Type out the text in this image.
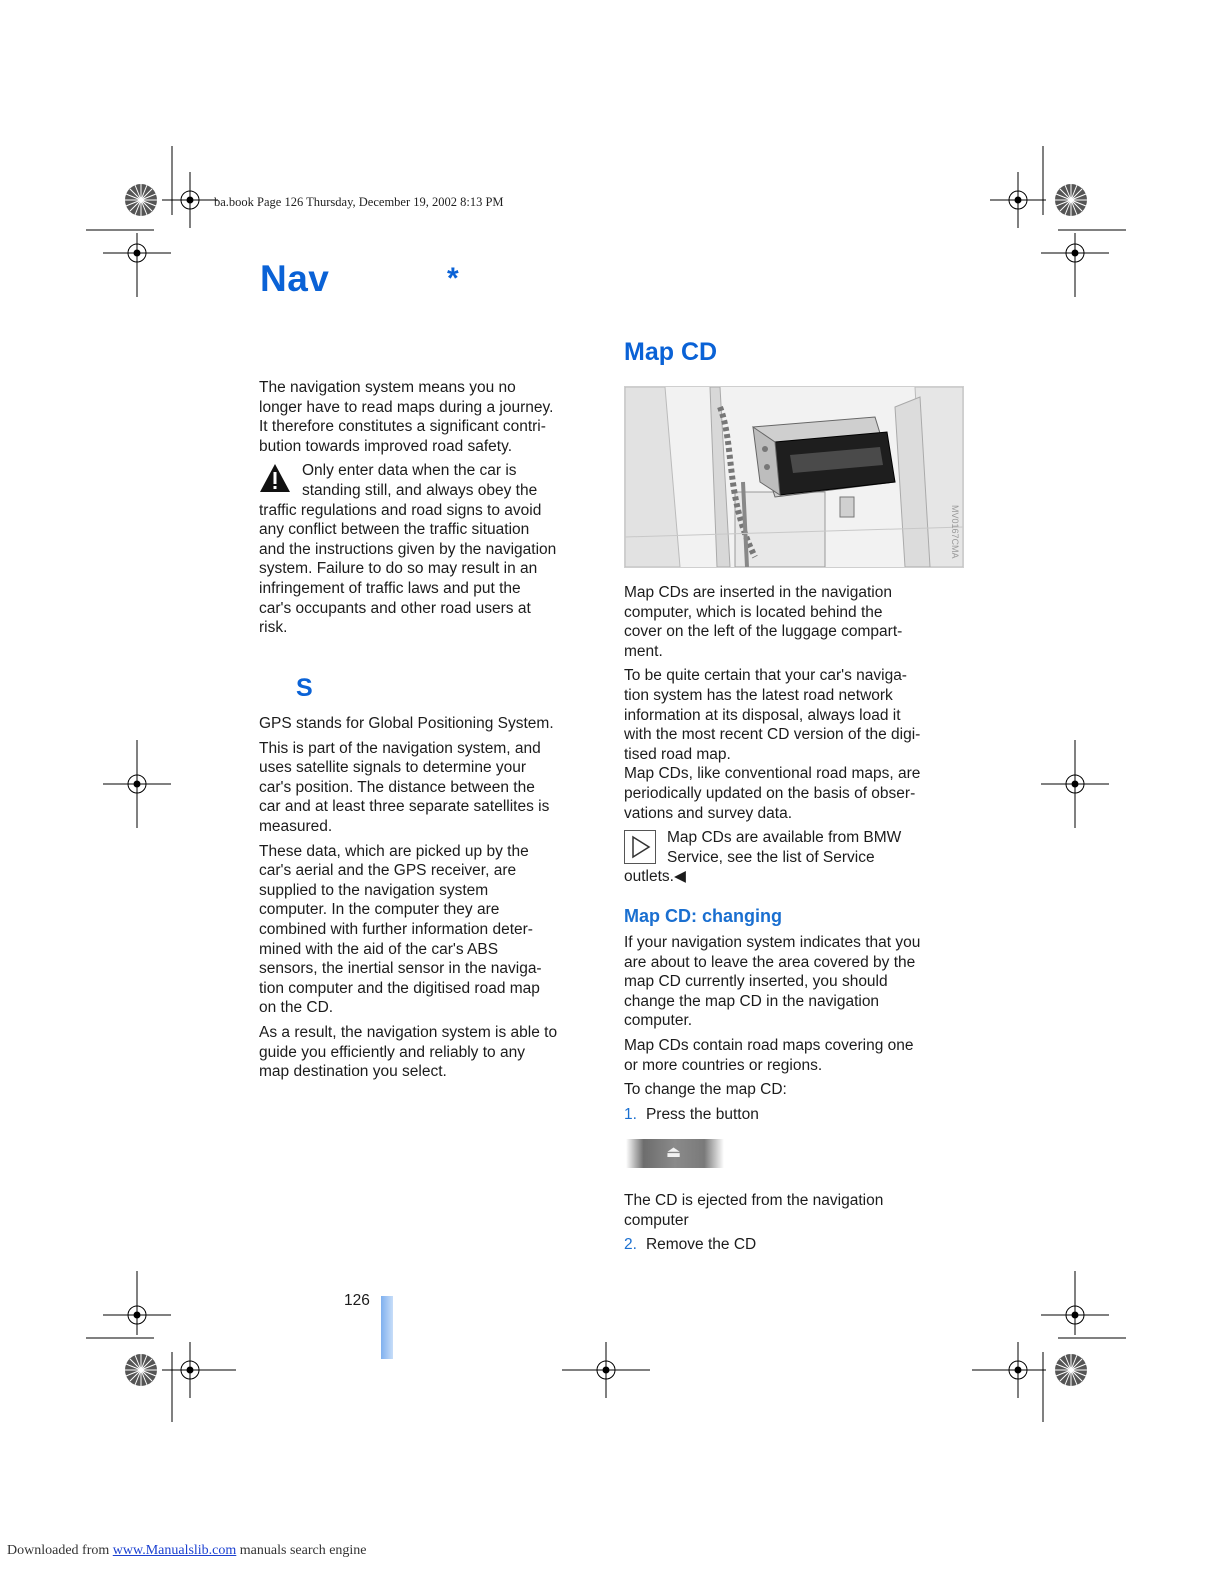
ba.book Page 126 Thursday, December 19, 2002 8:13 PM
Nav	*
The navigation system means you no
longer have to read maps during a journey.
It therefore constitutes a significant contri-
bution towards improved road safety.
Only enter data when the car is
standing still, and always obey the
traffic regulations and road signs to avoid
any conflict between the traffic situation
and the instructions given by the navigation
system. Failure to do so may result in an
infringement of traffic laws and put the
car's occupants and other road users at
risk.
S
GPS stands for Global Positioning System.
This is part of the navigation system, and
uses satellite signals to determine your
car's position. The distance between the
car and at least three separate satellites is
measured.
These data, which are picked up by the
car's aerial and the GPS receiver, are
supplied to the navigation system
computer. In the computer they are
combined with further information deter-
mined with the aid of the car's ABS
sensors, the inertial sensor in the naviga-
tion computer and the digitised road map
on the CD.
As a result, the navigation system is able to
guide you efficiently and reliably to any
map destination you select.
Map CD
MV0167CMA
Map CDs are inserted in the navigation
computer, which is located behind the
cover on the left of the luggage compart-
ment.
To be quite certain that your car's naviga-
tion system has the latest road network
information at its disposal, always load it
with the most recent CD version of the digi-
tised road map.
Map CDs, like conventional road maps, are
periodically updated on the basis of obser-
vations and survey data.
Map CDs are available from BMW
Service, see the list of Service
outlets.◀
Map CD: changing
If your navigation system indicates that you
are about to leave the area covered by the
map CD currently inserted, you should
change the map CD in the navigation
computer.
Map CDs contain road maps covering one
or more countries or regions.
To change the map CD:
1. Press the button
⏏
The CD is ejected from the navigation
computer
2. Remove the CD
126
Downloaded from www.Manualslib.com manuals search engine
